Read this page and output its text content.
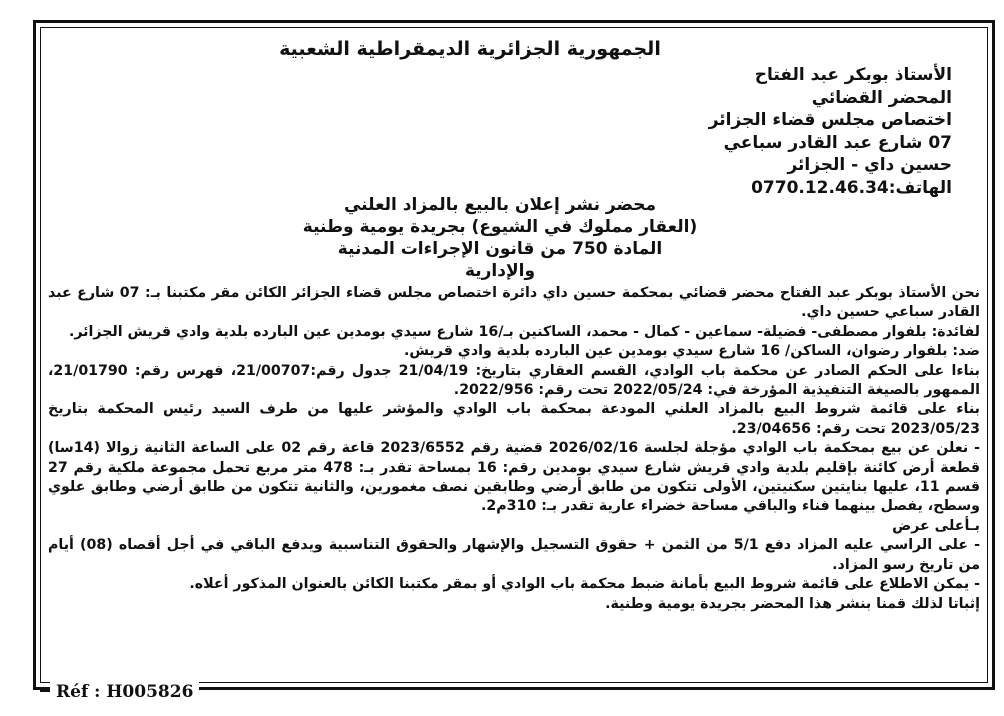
Réf : H005826
الجمهورية الجزائرية الديمقراطية الشعبية
الأستاذ بوبكر عبد الفتاح
المحضر القضائي
اختصاص مجلس قضاء الجزائر
07 شارع عبد القادر سباعي
حسين داي - الجزائر
الهاتف:0770.12.46.34
محضر نشر إعلان بالبيع بالمزاد العلني
(العقار مملوك في الشيوع) بجريدة يومية وطنية
المادة 750 من قانون الإجراءات المدنية والإدارية

نحن الأستاذ بوبكر عبد الفتاح محضر قضائي بمحكمة حسين داي دائرة اختصاص مجلس قضاء الجزائر الكائن مقر مكتبنا بـ: 07 شارع عبد القادر سباعي حسين داي.

لفائدة: بلفوار مصطفى- فضيلة- سماعين - كمال - محمد، الساكنين بـ/16 شارع سيدي بومدين عين البارده بلدية وادي قريش الجزائر.

ضد: بلفوار رضوان، الساكن/ 16 شارع سيدي بومدين عين البارده بلدية وادي قريش.

بناءا على الحكم الصادر عن محكمة باب الوادي، القسم العقاري بتاريخ: 21/04/19 جدول رقم:21/00707، فهرس رقم: 21/01790، الممهور بالصيغة التنفيذية المؤرخة في: 2022/05/24 تحت رقم: 2022/956.

بناء على قائمة شروط البيع بالمزاد العلني المودعة بمحكمة باب الوادي والمؤشر عليها من طرف السيد رئيس المحكمة بتاريخ 2023/05/23 تحت رقم: 23/04656.

- نعلن عن بيع بمحكمة باب الوادي مؤجلة لجلسة 2026/02/16 قضية رقم 2023/6552 قاعة رقم 02 على الساعة الثانية زوالا (14سا) قطعة أرض كائنة بإقليم بلدية وادي قريش شارع سيدي بومدين رقم: 16 بمساحة تقدر بـ: 478 متر مربع تحمل مجموعة ملكية رقم 27 قسم 11، عليها بنايتين سكنيتين، الأولى تتكون من طابق أرضي وطابقين نصف مغمورين، والثانية تتكون من طابق أرضي وطابق علوي وسطح، يفصل بينهما فناء والباقي مساحة خضراء عارية تقدر بـ: 310م2.

بـأعلى عرض

- على الراسي عليه المزاد دفع 5/1 من الثمن + حقوق التسجيل والإشهار والحقوق التناسبية ويدفع الباقي في أجل أقصاه (08) أيام من تاريخ رسو المزاد.

- يمكن الاطلاع على قائمة شروط البيع بأمانة ضبط محكمة باب الوادي أو بمقر مكتبنا الكائن بالعنوان المذكور أعلاه.

إثباتا لذلك قمنا بنشر هذا المحضر بجريدة يومية وطنية.
